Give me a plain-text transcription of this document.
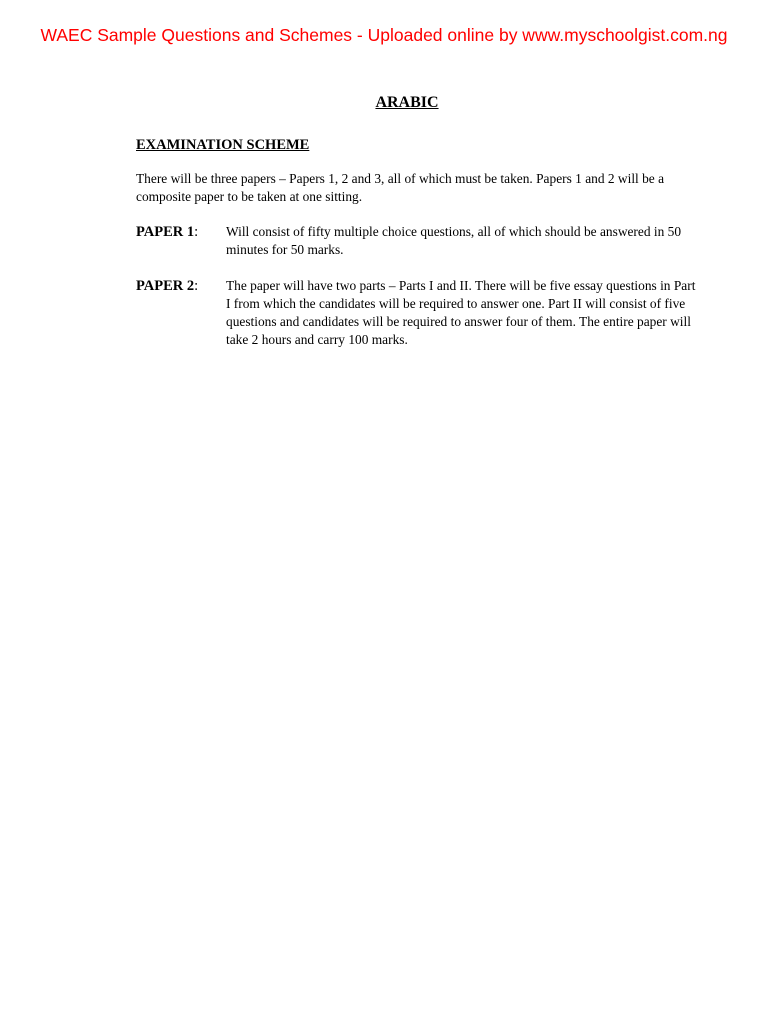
WAEC Sample Questions and Schemes - Uploaded online by www.myschoolgist.com.ng
ARABIC
EXAMINATION SCHEME
There will be three papers – Papers 1, 2 and 3, all of which must be taken. Papers 1 and 2 will be a composite paper to be taken at one sitting.
PAPER 1: Will consist of fifty multiple choice questions, all of which should be answered in 50 minutes for 50 marks.
PAPER 2: The paper will have two parts – Parts I and II. There will be five essay questions in Part I from which the candidates will be required to answer one. Part II will consist of five questions and candidates will be required to answer four of them. The entire paper will take 2 hours and carry 100 marks.
